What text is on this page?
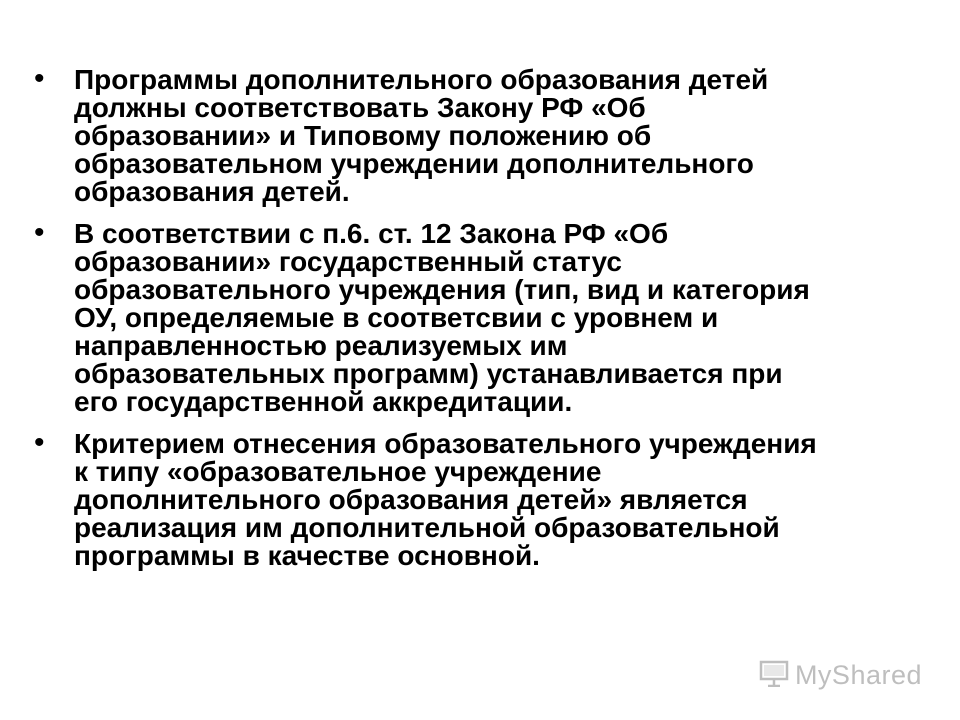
• Программы дополнительного образования детей
должны соответствовать Закону РФ «Об
образовании» и Типовому положению об
образовательном учреждении дополнительного
образования детей.
• В соответствии с п.6. ст. 12 Закона РФ «Об
образовании» государственный статус
образовательного учреждения (тип, вид и категория
ОУ, определяемые в соответсвии с уровнем и
направленностью реализуемых им
образовательных программ) устанавливается при
его государственной аккредитации.
• Критерием отнесения образовательного учреждения
к типу «образовательное учреждение
дополнительного образования детей» является
реализация им дополнительной образовательной
программы в качестве основной.
MyShared
